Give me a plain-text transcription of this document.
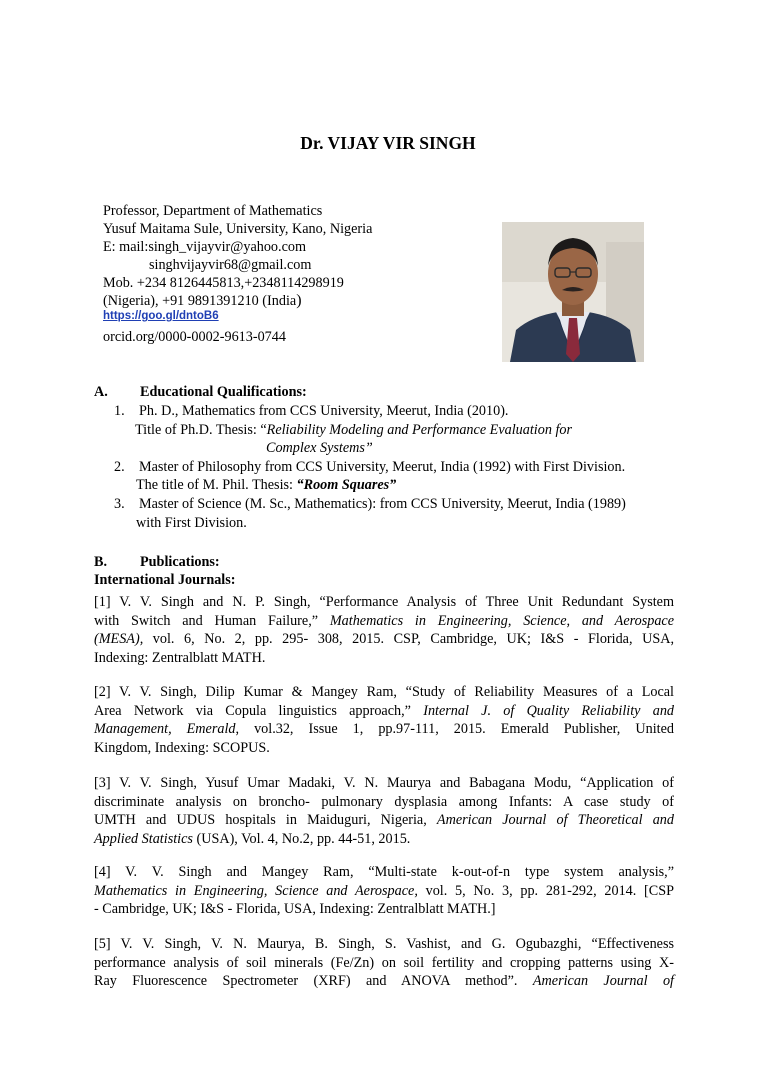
Dr. VIJAY VIR SINGH
Professor, Department of Mathematics
Yusuf Maitama Sule, University, Kano, Nigeria
E: mail:singh_vijayvir@yahoo.com
singhvijayvir68@gmail.com
Mob. +234 8126445813,+2348114298919
(Nigeria), +91 9891391210 (India)
https://goo.gl/dntoB6
orcid.org/0000-0002-9613-0744
A. Educational Qualifications:
1.	Ph. D., Mathematics from CCS University, Meerut, India (2010).
Title of Ph.D. Thesis: “Reliability Modeling and Performance Evaluation for
Complex Systems”
2.	Master of Philosophy from CCS University, Meerut, India (1992) with First Division.
The title of M. Phil. Thesis: “Room Squares”
3.	Master of Science (M. Sc., Mathematics): from CCS University, Meerut, India (1989)
with First Division.
B. Publications:
International Journals:
[1] V. V. Singh and N. P. Singh, “Performance Analysis of Three Unit Redundant System
with Switch and Human Failure,” Mathematics in Engineering, Science, and Aerospace
(MESA), vol. 6, No. 2, pp. 295- 308, 2015. CSP, Cambridge, UK; I&S - Florida, USA,
Indexing: Zentralblatt MATH.
[2] V. V. Singh, Dilip Kumar & Mangey Ram, “Study of Reliability Measures of a Local
Area Network via Copula linguistics approach,” Internal J. of Quality Reliability and
Management, Emerald, vol.32, Issue 1, pp.97-111, 2015. Emerald Publisher, United
Kingdom, Indexing: SCOPUS.
[3] V. V. Singh, Yusuf Umar Madaki, V. N. Maurya and Babagana Modu, “Application of
discriminate analysis on broncho- pulmonary dysplasia among Infants: A case study of
UMTH and UDUS hospitals in Maiduguri, Nigeria, American Journal of Theoretical and
Applied Statistics (USA), Vol. 4, No.2, pp. 44-51, 2015.
[4] V. V. Singh and Mangey Ram, “Multi-state k-out-of-n type system analysis,”
Mathematics in Engineering, Science and Aerospace, vol. 5, No. 3, pp. 281-292, 2014. [CSP
- Cambridge, UK; I&S - Florida, USA, Indexing: Zentralblatt MATH.]
[5] V. V. Singh, V. N. Maurya, B. Singh, S. Vashist, and G. Ogubazghi, “Effectiveness
performance analysis of soil minerals (Fe/Zn) on soil fertility and cropping patterns using X-
Ray Fluorescence Spectrometer (XRF) and ANOVA method”. American Journal of
